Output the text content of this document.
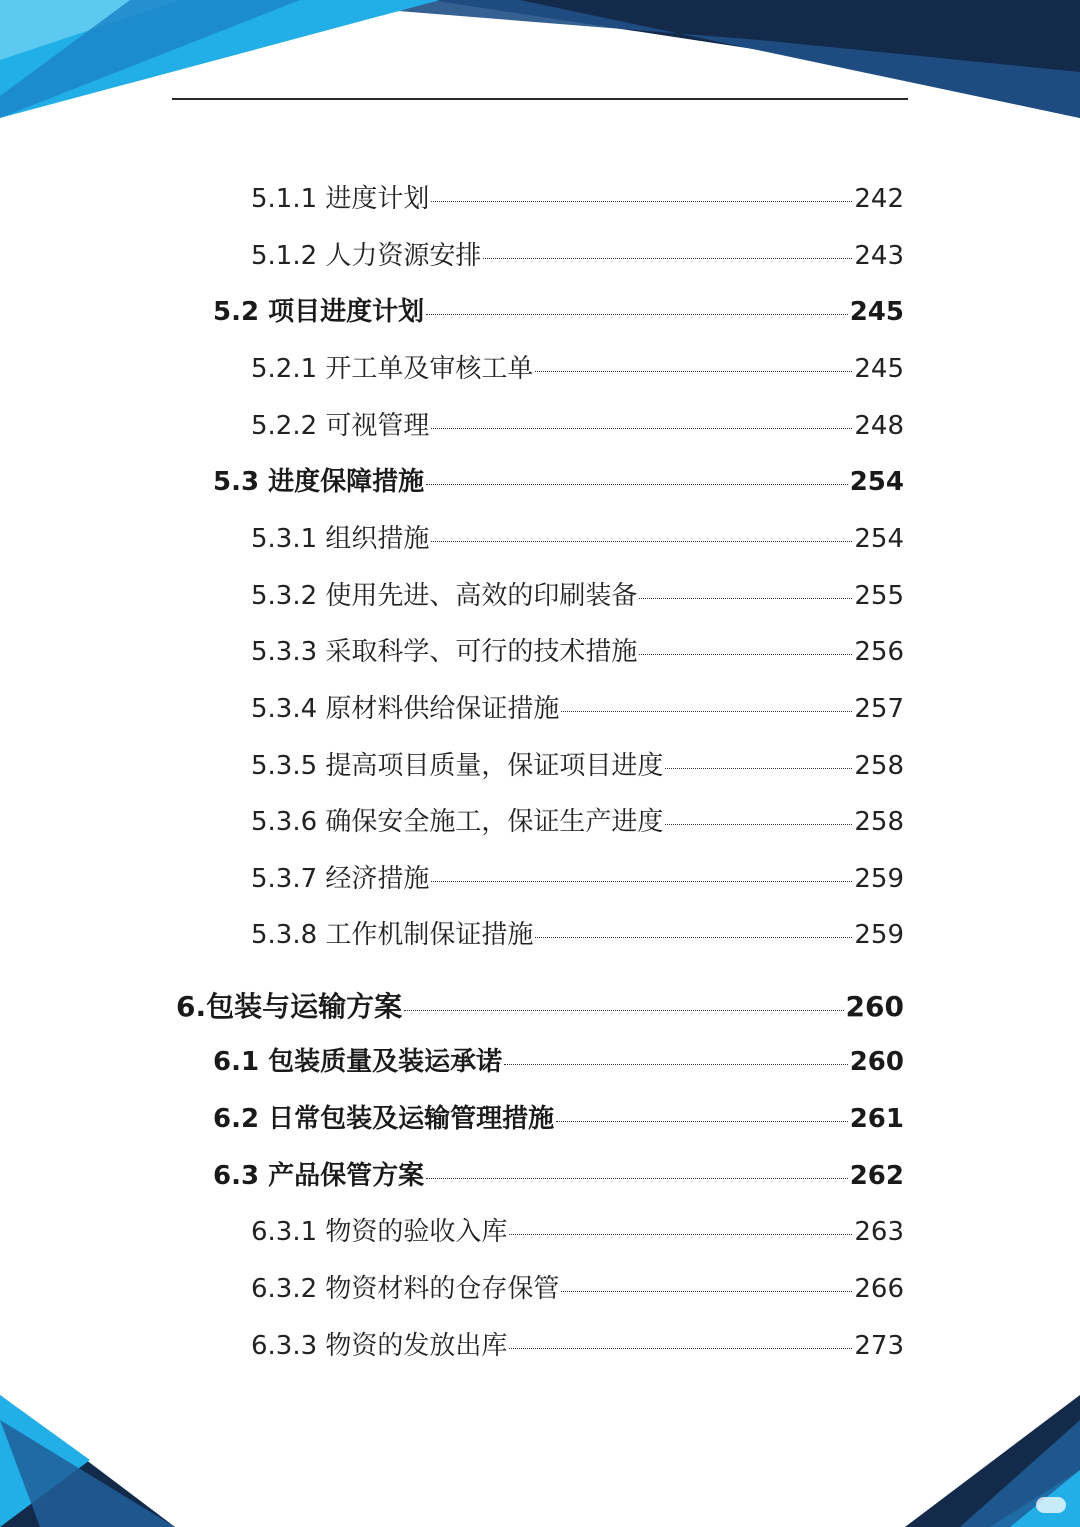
5.1.1 进度计划	242
5.1.2 人力资源安排	243
5.2 项目进度计划	245
5.2.1 开工单及审核工单	245
5.2.2 可视管理	248
5.3 进度保障措施	254
5.3.1 组织措施	254
5.3.2 使用先进、高效的印刷装备	255
5.3.3 采取科学、可行的技术措施	256
5.3.4 原材料供给保证措施	257
5.3.5 提高项目质量，保证项目进度	258
5.3.6 确保安全施工，保证生产进度	258
5.3.7 经济措施	259
5.3.8 工作机制保证措施	259
6.包装与运输方案	260
6.1 包装质量及装运承诺	260
6.2 日常包装及运输管理措施	261
6.3 产品保管方案	262
6.3.1 物资的验收入库	263
6.3.2 物资材料的仓存保管	266
6.3.3 物资的发放出库	273
